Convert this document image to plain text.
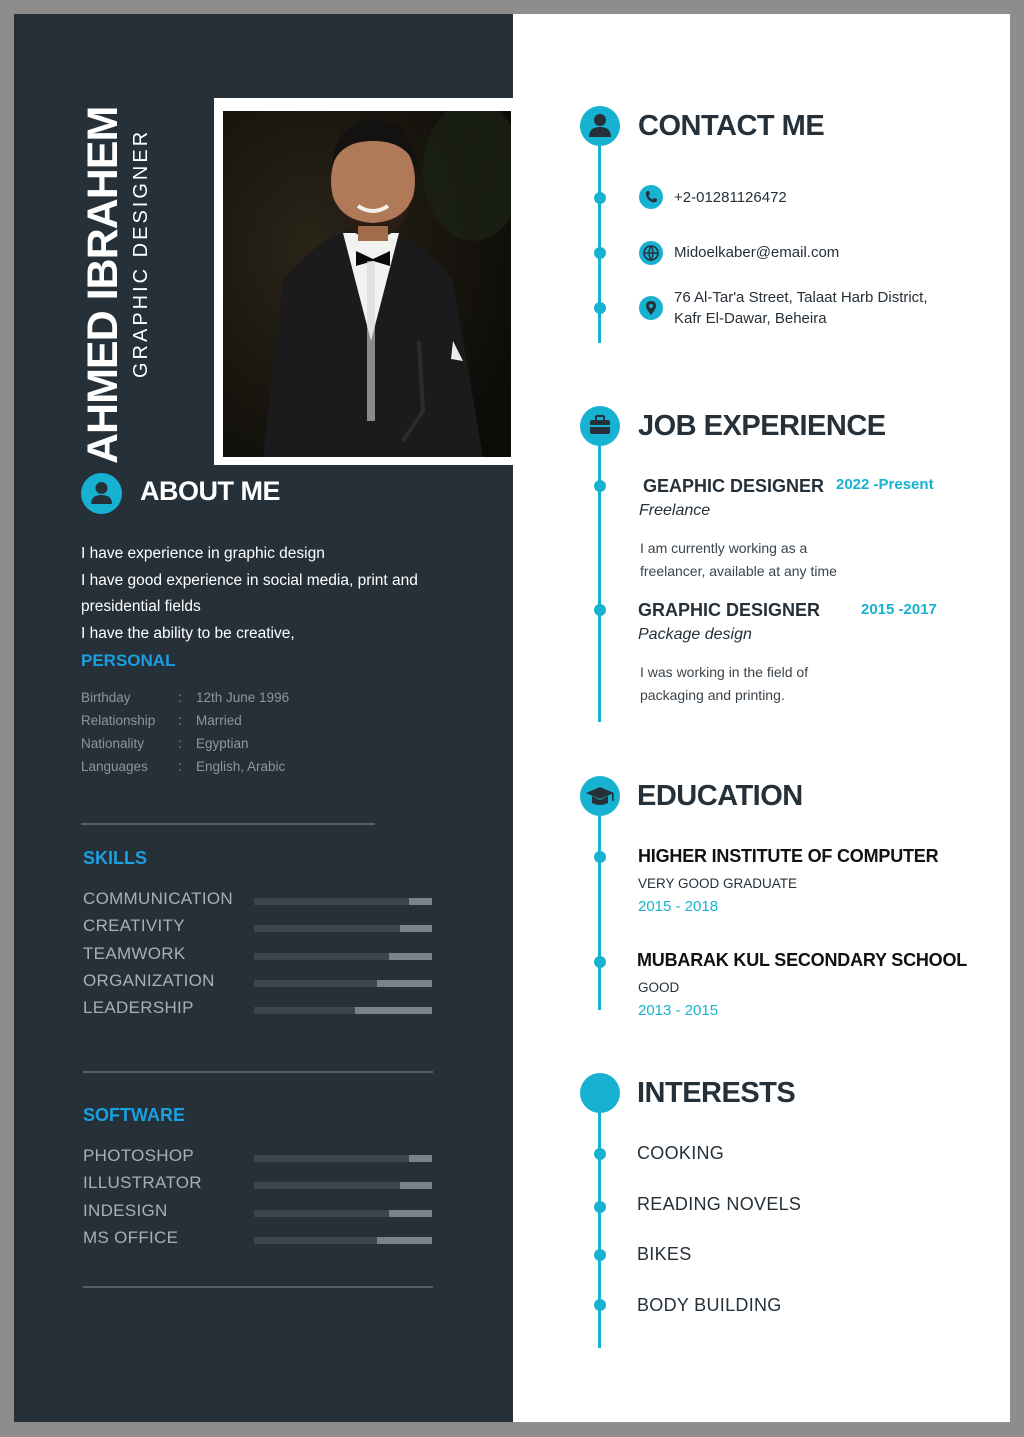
AHMED IBRAHEM GRAPHIC DESIGNER
ABOUT ME
I have experience in graphic design
I have good experience in social media, print and
presidential fields
I have the ability to be creative,
PERSONAL
Birthday	: 12th June 1996
Relationship : Married
Nationality	: Egyptian
Languages : English, Arabic
SKILLS
COMMUNICATION
CREATIVITY
TEAMWORK
ORGANIZATION
LEADERSHIP
SOFTWARE
PHOTOSHOP
ILLUSTRATOR
INDESIGN
MS OFFICE
CONTACT ME
+2-01281126472
Midoelkaber@email.com
76 Al-Tar'a Street, Talaat Harb District,
Kafr El-Dawar, Beheira
JOB EXPERIENCE
GEAPHIC DESIGNER 2022 -Present
Freelance
I am currently working as a
freelancer, available at any time
GRAPHIC DESIGNER	2015 -2017
Package design
I was working in the field of
packaging and printing.
EDUCATION
HIGHER INSTITUTE OF COMPUTER
VERY GOOD GRADUATE
2015 - 2018
MUBARAK KUL SECONDARY SCHOOL
GOOD
2013 - 2015
INTERESTS
COOKING
READING NOVELS
BIKES
BODY BUILDING
